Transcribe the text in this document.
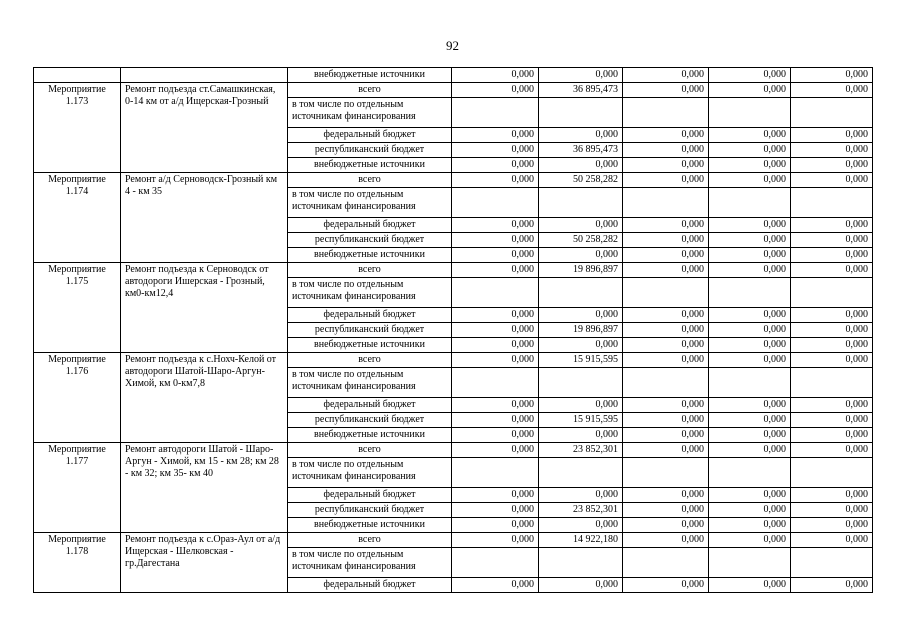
92
		внебюджетные источники	0,000	0,000	0,000	0,000	0,000
Мероприятие 1.173	Ремонт подъезда ст.Самашкинская, 0-14 км от а/д Ищерская-Грозный	всего	0,000	36 895,473	0,000	0,000	0,000
		в том числе по отдельным источникам финансирования					
		федеральный бюджет	0,000	0,000	0,000	0,000	0,000
		республиканский бюджет	0,000	36 895,473	0,000	0,000	0,000
		внебюджетные источники	0,000	0,000	0,000	0,000	0,000
Мероприятие 1.174	Ремонт а/д Серноводск-Грозный км 4 - км 35	всего	0,000	50 258,282	0,000	0,000	0,000
		в том числе по отдельным источникам финансирования					
		федеральный бюджет	0,000	0,000	0,000	0,000	0,000
		республиканский бюджет	0,000	50 258,282	0,000	0,000	0,000
		внебюджетные источники	0,000	0,000	0,000	0,000	0,000
Мероприятие 1.175	Ремонт подъезда к Серноводск от автодороги Ишерская - Грозный, км0-км12,4	всего	0,000	19 896,897	0,000	0,000	0,000
		в том числе по отдельным источникам финансирования					
		федеральный бюджет	0,000	0,000	0,000	0,000	0,000
		республиканский бюджет	0,000	19 896,897	0,000	0,000	0,000
		внебюджетные источники	0,000	0,000	0,000	0,000	0,000
Мероприятие 1.176	Ремонт подъезда к с.Нохч-Келой от автодороги Шатой-Шаро-Аргун-Химой, км 0-км7,8	всего	0,000	15 915,595	0,000	0,000	0,000
		в том числе по отдельным источникам финансирования					
		федеральный бюджет	0,000	0,000	0,000	0,000	0,000
		республиканский бюджет	0,000	15 915,595	0,000	0,000	0,000
		внебюджетные источники	0,000	0,000	0,000	0,000	0,000
Мероприятие 1.177	Ремонт автодороги Шатой - Шаро-Аргун - Химой, км 15 - км 28; км 28 - км 32; км 35- км 40	всего	0,000	23 852,301	0,000	0,000	0,000
		в том числе по отдельным источникам финансирования					
		федеральный бюджет	0,000	0,000	0,000	0,000	0,000
		республиканский бюджет	0,000	23 852,301	0,000	0,000	0,000
		внебюджетные источники	0,000	0,000	0,000	0,000	0,000
Мероприятие 1.178	Ремонт подъезда к с.Ораз-Аул от а/д Ищерская - Шелковская - гр.Дагестана	всего	0,000	14 922,180	0,000	0,000	0,000
		в том числе по отдельным источникам финансирования					
		федеральный бюджет	0,000	0,000	0,000	0,000	0,000
